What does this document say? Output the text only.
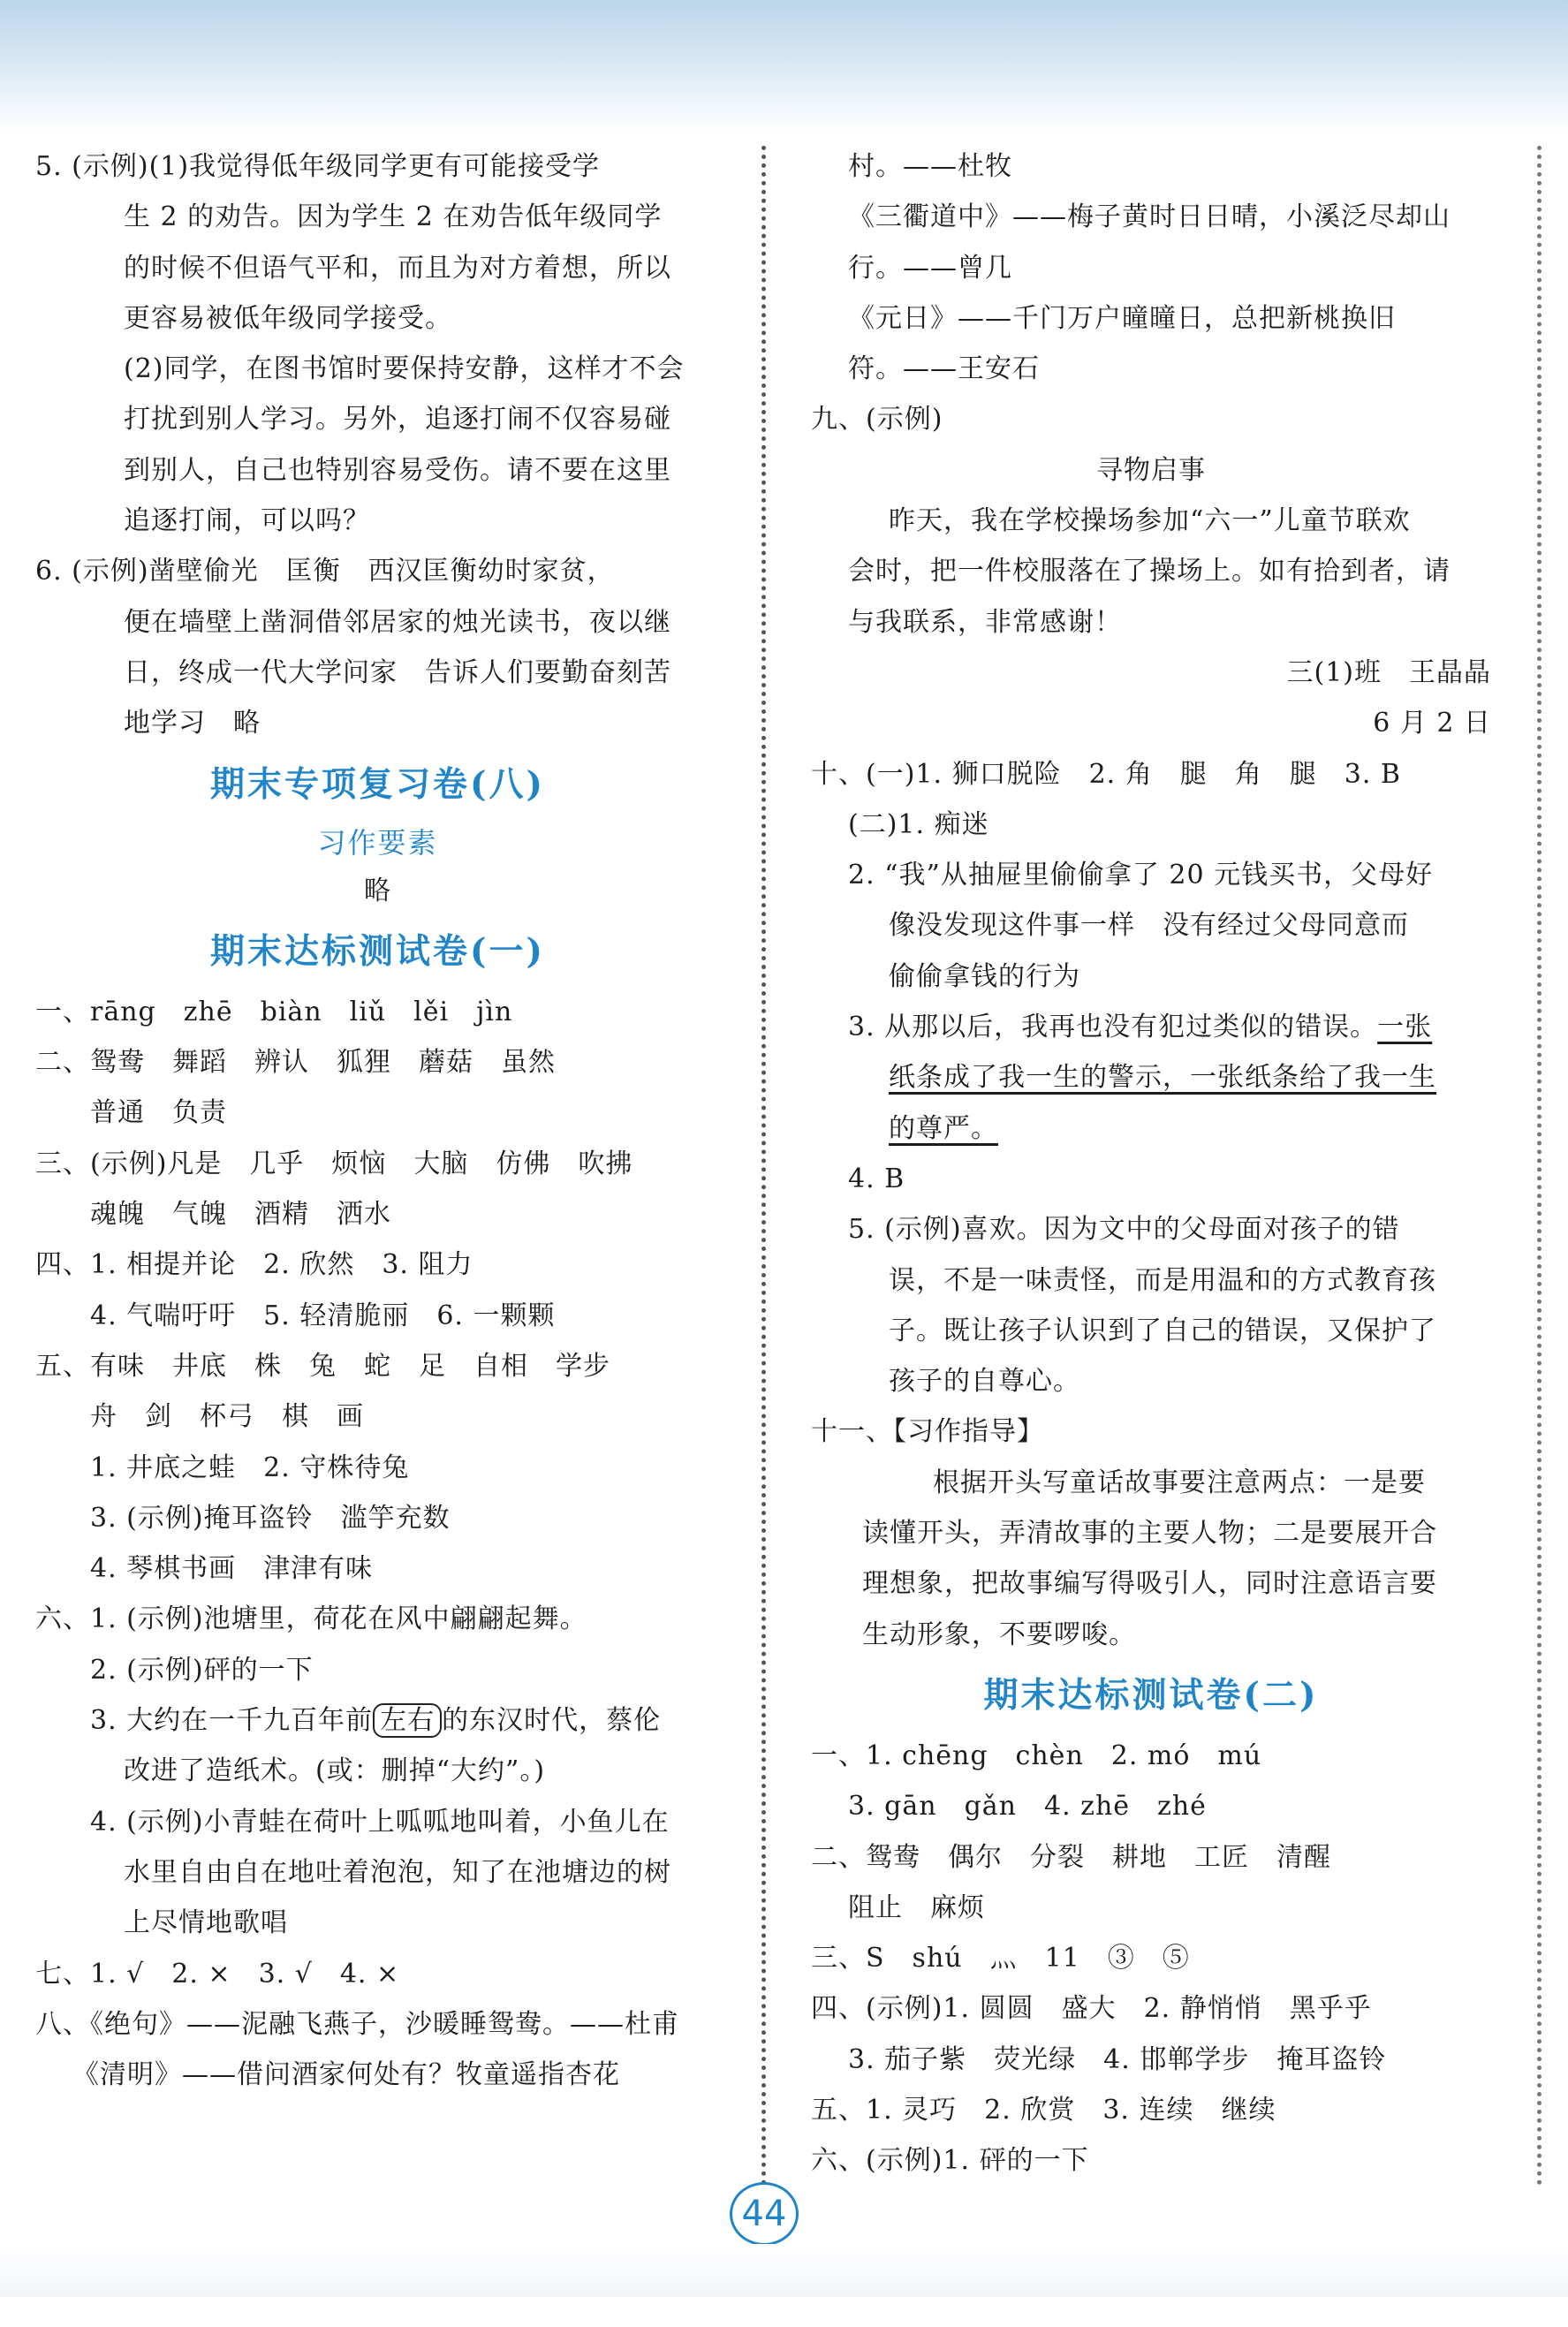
5. (示例)(1)我觉得低年级同学更有可能接受学
生 2 的劝告。因为学生 2 在劝告低年级同学
的时候不但语气平和，而且为对方着想，所以
更容易被低年级同学接受。
(2)同学，在图书馆时要保持安静，这样才不会
打扰到别人学习。另外，追逐打闹不仅容易碰
到别人，自己也特别容易受伤。请不要在这里
追逐打闹，可以吗？
6. (示例)凿壁偷光　匡衡　西汉匡衡幼时家贫，
便在墙壁上凿洞借邻居家的烛光读书，夜以继
日，终成一代大学问家　告诉人们要勤奋刻苦
地学习　略
期末专项复习卷(八)
习作要素
略
期末达标测试卷(一)
一、rāng　zhē　biàn　liǔ　lěi　jìn
二、鸳鸯　舞蹈　辨认　狐狸　蘑菇　虽然
普通　负责
三、(示例)凡是　几乎　烦恼　大脑　仿佛　吹拂
魂魄　气魄　酒精　洒水
四、1. 相提并论　2. 欣然　3. 阻力
4. 气喘吁吁　5. 轻清脆丽　6. 一颗颗
五、有味　井底　株　兔　蛇　足　自相　学步
舟　剑　杯弓　棋　画
1. 井底之蛙　2. 守株待兔
3. (示例)掩耳盗铃　滥竽充数
4. 琴棋书画　津津有味
六、1. (示例)池塘里，荷花在风中翩翩起舞。
2. (示例)砰的一下
3. 大约在一千九百年前 左右 的东汉时代，蔡伦
改进了造纸术。(或：删掉“大约”。)
4. (示例)小青蛙在荷叶上呱呱地叫着，小鱼儿在
水里自由自在地吐着泡泡，知了在池塘边的树
上尽情地歌唱
七、1. √　2. ×　3. √　4. ×
八、《绝句》——泥融飞燕子，沙暖睡鸳鸯。——杜甫
《清明》——借问酒家何处有？牧童遥指杏花
村。——杜牧
《三衢道中》——梅子黄时日日晴，小溪泛尽却山
行。——曾几
《元日》——千门万户曈曈日，总把新桃换旧
符。——王安石
九、(示例)
寻物启事
昨天，我在学校操场参加“六一”儿童节联欢
会时，把一件校服落在了操场上。如有拾到者，请
与我联系，非常感谢！
三(1)班　王晶晶
6 月 2 日
十、(一)1. 狮口脱险　2. 角　腿　角　腿　3. B
(二)1. 痴迷
2. “我”从抽屉里偷偷拿了 20 元钱买书，父母好
像没发现这件事一样　没有经过父母同意而
偷偷拿钱的行为
3. 从那以后，我再也没有犯过类似的错误。一张
纸条成了我一生的警示，一张纸条给了我一生
的尊严。
4. B
5. (示例)喜欢。因为文中的父母面对孩子的错
误，不是一味责怪，而是用温和的方式教育孩
子。既让孩子认识到了自己的错误，又保护了
孩子的自尊心。
十一、【习作指导】
根据开头写童话故事要注意两点：一是要
读懂开头，弄清故事的主要人物；二是要展开合
理想象，把故事编写得吸引人，同时注意语言要
生动形象，不要啰唆。
期末达标测试卷(二)
一、1. chēng　chèn　2. mó　mú
3. gān　gǎn　4. zhē　zhé
二、鸳鸯　偶尔　分裂　耕地　工匠　清醒
阻止　麻烦
三、S　shú　灬　11　③　⑤
四、(示例)1. 圆圆　盛大　2. 静悄悄　黑乎乎
3. 茄子紫　荧光绿　4. 邯郸学步　掩耳盗铃
五、1. 灵巧　2. 欣赏　3. 连续　继续
六、(示例)1. 砰的一下
44
